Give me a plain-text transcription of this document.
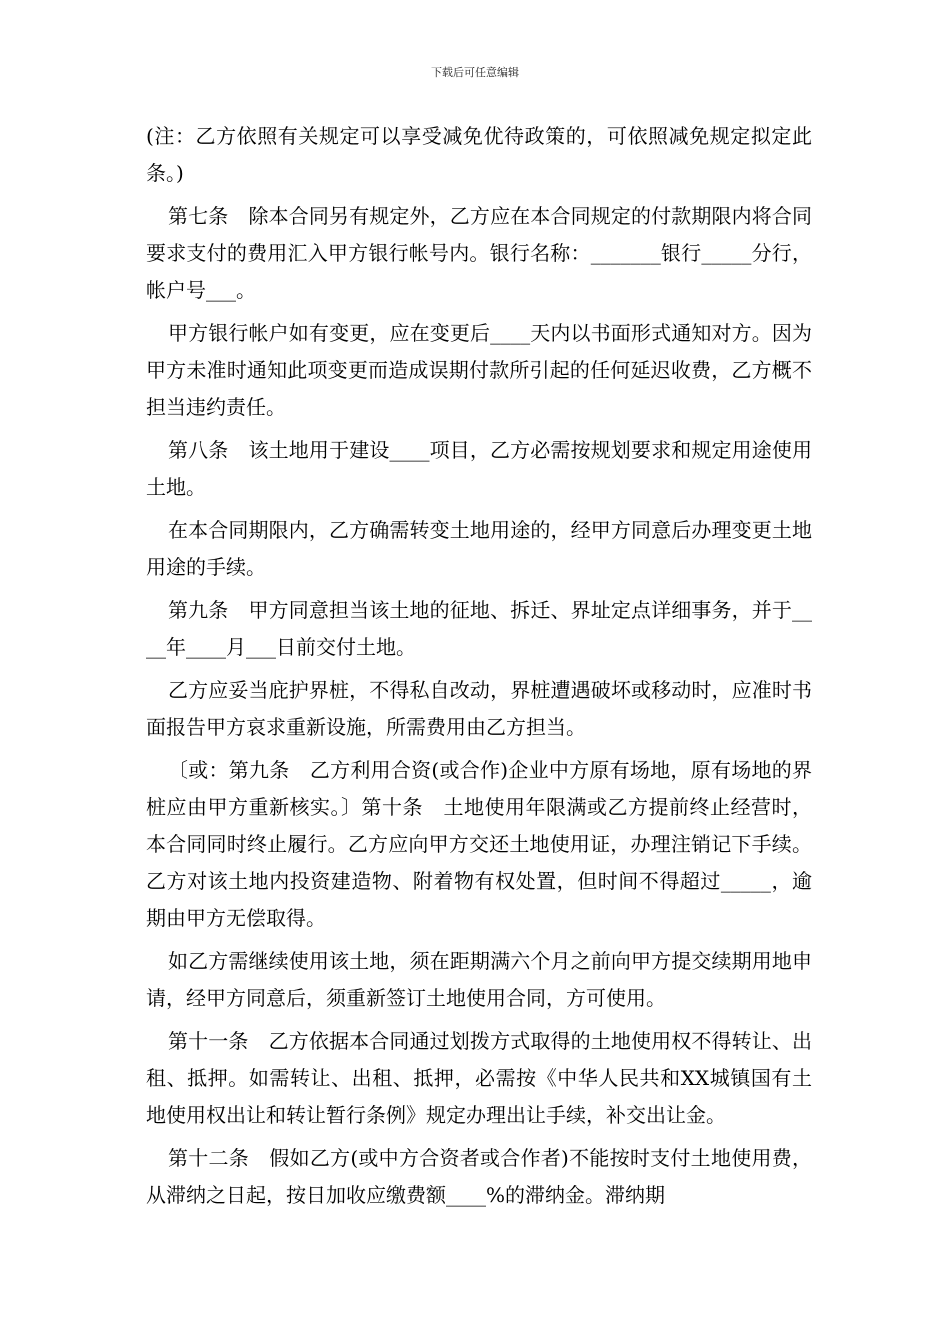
下载后可任意编辑

(注：乙方依照有关规定可以享受减免优待政策的，可依照减免规定拟定此条。)

第七条　除本合同另有规定外，乙方应在本合同规定的付款期限内将合同要求支付的费用汇入甲方银行帐号内。银行名称：_______银行_____分行，帐户号___。

甲方银行帐户如有变更，应在变更后____天内以书面形式通知对方。因为甲方未准时通知此项变更而造成误期付款所引起的任何延迟收费，乙方概不担当违约责任。

第八条　该土地用于建设____项目，乙方必需按规划要求和规定用途使用土地。

在本合同期限内，乙方确需转变土地用途的，经甲方同意后办理变更土地用途的手续。

第九条　甲方同意担当该土地的征地、拆迁、界址定点详细事务，并于____年____月___日前交付土地。

乙方应妥当庇护界桩，不得私自改动，界桩遭遇破坏或移动时，应准时书面报告甲方哀求重新设施，所需费用由乙方担当。

〔或：第九条　乙方利用合资(或合作)企业中方原有场地，原有场地的界桩应由甲方重新核实。〕第十条　土地使用年限满或乙方提前终止经营时，本合同同时终止履行。乙方应向甲方交还土地使用证，办理注销记下手续。乙方对该土地内投资建造物、附着物有权处置，但时间不得超过_____，逾期由甲方无偿取得。

如乙方需继续使用该土地，须在距期满六个月之前向甲方提交续期用地申请，经甲方同意后，须重新签订土地使用合同，方可使用。

第十一条　乙方依据本合同通过划拨方式取得的土地使用权不得转让、出租、抵押。如需转让、出租、抵押，必需按《中华人民共和XX城镇国有土地使用权出让和转让暂行条例》规定办理出让手续，补交出让金。

第十二条　假如乙方(或中方合资者或合作者)不能按时支付土地使用费，从滞纳之日起，按日加收应缴费额____%的滞纳金。滞纳期
